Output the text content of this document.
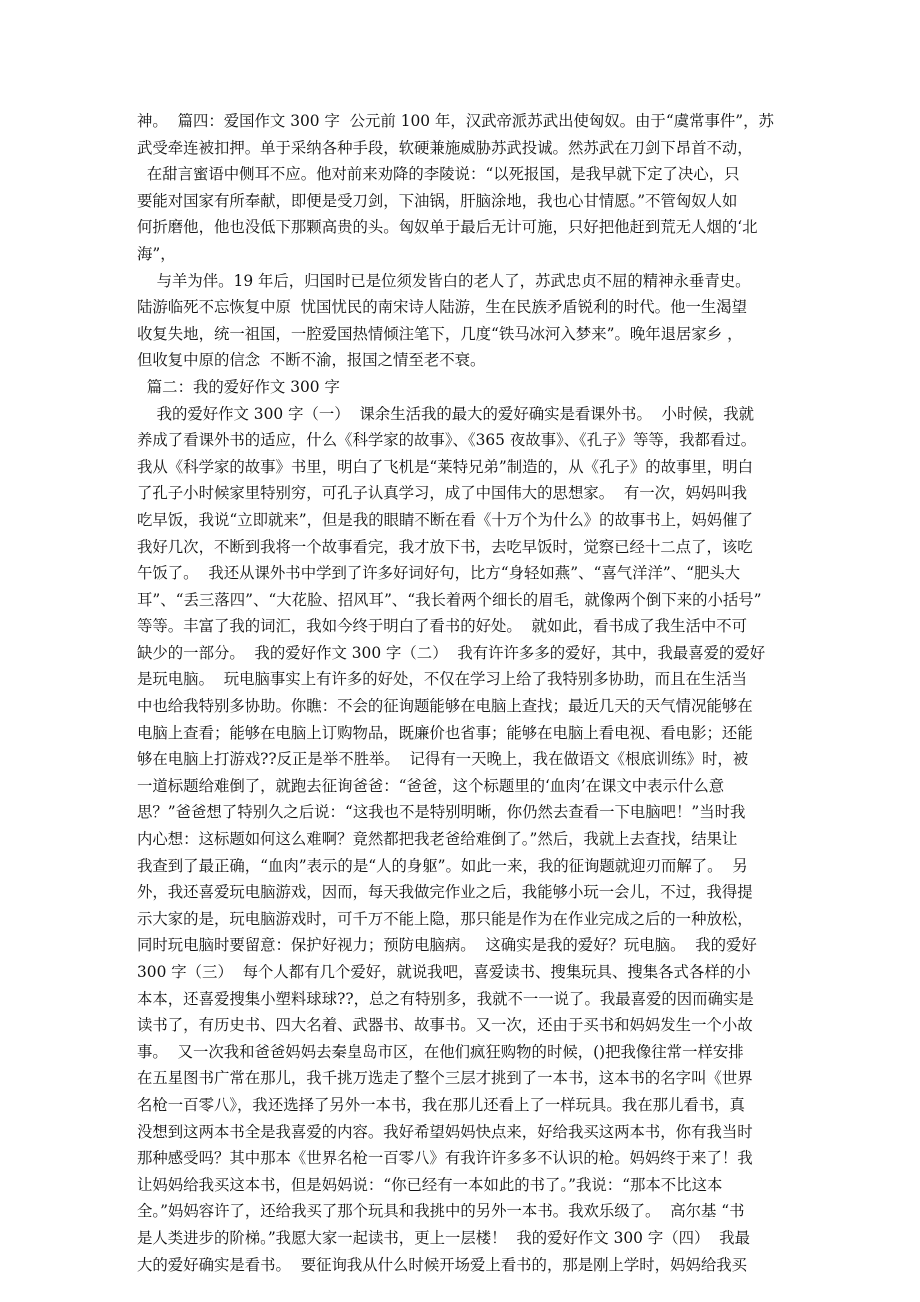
神。  篇四：爱国作文 300 字  公元前 100 年，汉武帝派苏武出使匈奴。由于“虞常事件”，苏
武受牵连被扣押。单于采纳各种手段，软硬兼施威胁苏武投诚。然苏武在刀剑下昂首不动，
在甜言蜜语中侧耳不应。他对前来劝降的李陵说：“以死报国，是我早就下定了决心，只
要能对国家有所奉献，即便是受刀剑，下油锅，肝脑涂地，我也心甘情愿。”不管匈奴人如
何折磨他，他也没低下那颗高贵的头。匈奴单于最后无计可施，只好把他赶到荒无人烟的‘北
海”，
与羊为伴。19 年后，归国时已是位须发皆白的老人了，苏武忠贞不屈的精神永垂青史。
陆游临死不忘恢复中原  忧国忧民的南宋诗人陆游，生在民族矛盾锐利的时代。他一生渴望
收复失地，统一祖国，一腔爱国热情倾注笔下，几度“铁马冰河入梦来”。晚年退居家乡 ，
但收复中原的信念  不断不渝，报国之情至老不衰。
篇二：我的爱好作文 300 字
我的爱好作文 300 字（一）  课余生活我的最大的爱好确实是看课外书。  小时候，我就
养成了看课外书的适应，什么《科学家的故事》、《365 夜故事》、《孔子》等等，我都看过。
我从《科学家的故事》书里，明白了飞机是“莱特兄弟”制造的，从《孔子》的故事里，明白
了孔子小时候家里特别穷，可孔子认真学习，成了中国伟大的思想家。  有一次，妈妈叫我
吃早饭，我说“立即就来”，但是我的眼睛不断在看《十万个为什么》的故事书上，妈妈催了
我好几次，不断到我将一个故事看完，我才放下书，去吃早饭时，觉察已经十二点了，该吃
午饭了。  我还从课外书中学到了许多好词好句，比方“身轻如燕”、“喜气洋洋”、“肥头大
耳”、“丢三落四”、“大花脸、招风耳”、“我长着两个细长的眉毛，就像两个倒下来的小括号”
等等。丰富了我的词汇，我如今终于明白了看书的好处。  就如此，看书成了我生活中不可
缺少的一部分。  我的爱好作文 300 字（二）  我有许许多多的爱好，其中，我最喜爱的爱好
是玩电脑。  玩电脑事实上有许多的好处，不仅在学习上给了我特别多协助，而且在生活当
中也给我特别多协助。你瞧：不会的征询题能够在电脑上查找；最近几天的天气情况能够在
电脑上查看；能够在电脑上订购物品，既廉价也省事；能够在电脑上看电视、看电影；还能
够在电脑上打游戏??反正是举不胜举。  记得有一天晚上，我在做语文《根底训练》时，被
一道标题给难倒了，就跑去征询爸爸：“爸爸，这个标题里的‘血肉’在课文中表示什么意
思？”爸爸想了特别久之后说：“这我也不是特别明晰，你仍然去查看一下电脑吧！”当时我
内心想：这标题如何这么难啊？竟然都把我老爸给难倒了。”然后，我就上去查找，结果让
我查到了最正确，“血肉”表示的是“人的身躯”。如此一来，我的征询题就迎刃而解了。  另
外，我还喜爱玩电脑游戏，因而，每天我做完作业之后，我能够小玩一会儿，不过，我得提
示大家的是，玩电脑游戏时，可千万不能上隐，那只能是作为在作业完成之后的一种放松，
同时玩电脑时要留意：保护好视力；预防电脑病。  这确实是我的爱好？玩电脑。  我的爱好
300 字（三）  每个人都有几个爱好，就说我吧，喜爱读书、搜集玩具、搜集各式各样的小
本本，还喜爱搜集小塑料球球??，总之有特别多，我就不一一说了。我最喜爱的因而确实是
读书了，有历史书、四大名着、武器书、故事书。又一次，还由于买书和妈妈发生一个小故
事。  又一次我和爸爸妈妈去秦皇岛市区，在他们疯狂购物的时候，()把我像往常一样安排
在五星图书广常在那儿，我千挑万选走了整个三层才挑到了一本书，这本书的名字叫《世界
名枪一百零八》，我还选择了另外一本书，我在那儿还看上了一样玩具。我在那儿看书，真
没想到这两本书全是我喜爱的内容。我好希望妈妈快点来，好给我买这两本书，你有我当时
那种感受吗？其中那本《世界名枪一百零八》有我许许多多不认识的枪。妈妈终于来了！我
让妈妈给我买这本书，但是妈妈说：“你已经有一本如此的书了。”我说：“那本不比这本
全。”妈妈容许了，还给我买了那个玩具和我挑中的另外一本书。我欢乐级了。  高尔基 “书
是人类进步的阶梯。”我愿大家一起读书，更上一层楼！  我的爱好作文 300 字（四）  我最
大的爱好确实是看书。  要征询我从什么时候开场爱上看书的，那是刚上学时，妈妈给我买
